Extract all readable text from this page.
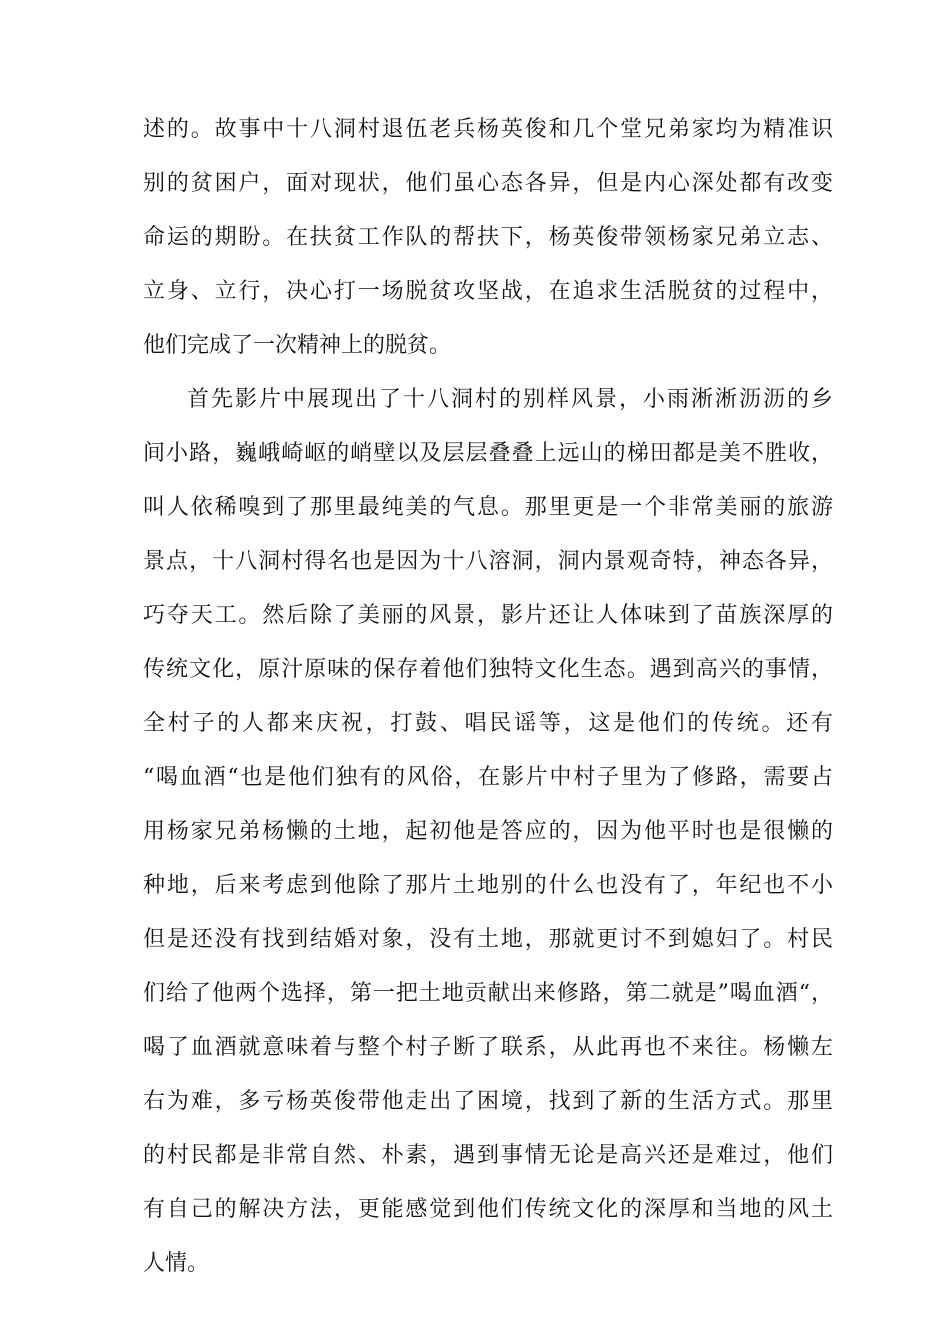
述的。故事中十八洞村退伍老兵杨英俊和几个堂兄弟家均为精准识
别的贫困户，面对现状，他们虽心态各异，但是内心深处都有改变
命运的期盼。在扶贫工作队的帮扶下，杨英俊带领杨家兄弟立志、
立身、立行，决心打一场脱贫攻坚战，在追求生活脱贫的过程中，
他们完成了一次精神上的脱贫。
首先影片中展现出了十八洞村的别样风景，小雨淅淅沥沥的乡
间小路，巍峨崎岖的峭壁以及层层叠叠上远山的梯田都是美不胜收，
叫人依稀嗅到了那里最纯美的气息。那里更是一个非常美丽的旅游
景点，十八洞村得名也是因为十八溶洞，洞内景观奇特，神态各异，
巧夺天工。然后除了美丽的风景，影片还让人体味到了苗族深厚的
传统文化，原汁原味的保存着他们独特文化生态。遇到高兴的事情，
全村子的人都来庆祝，打鼓、唱民谣等，这是他们的传统。还有
“喝血酒“也是他们独有的风俗，在影片中村子里为了修路，需要占
用杨家兄弟杨懒的土地，起初他是答应的，因为他平时也是很懒的
种地，后来考虑到他除了那片土地别的什么也没有了，年纪也不小
但是还没有找到结婚对象，没有土地，那就更讨不到媳妇了。村民
们给了他两个选择，第一把土地贡献出来修路，第二就是”喝血酒“，
喝了血酒就意味着与整个村子断了联系，从此再也不来往。杨懒左
右为难，多亏杨英俊带他走出了困境，找到了新的生活方式。那里
的村民都是非常自然、朴素，遇到事情无论是高兴还是难过，他们
有自己的解决方法，更能感觉到他们传统文化的深厚和当地的风土
人情。
